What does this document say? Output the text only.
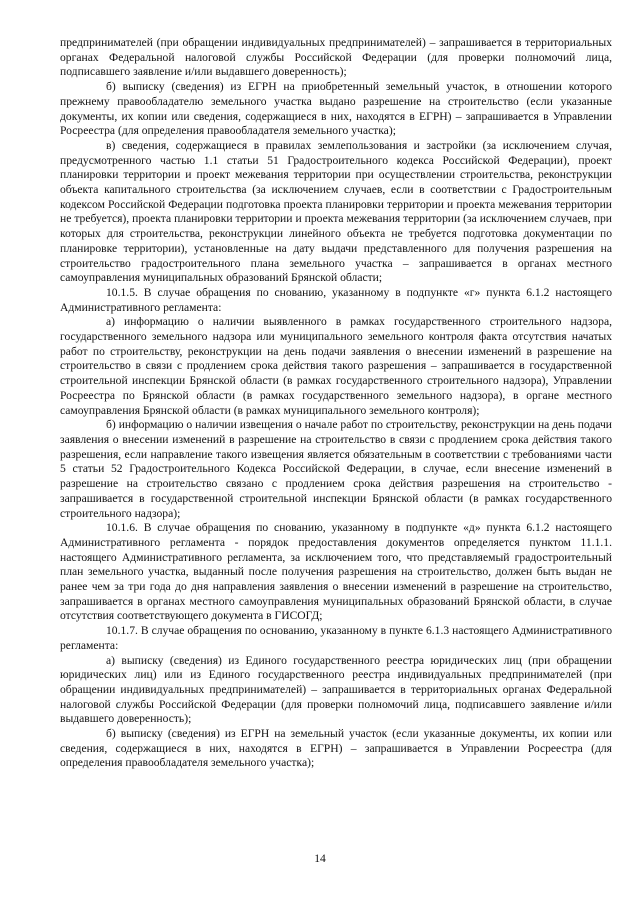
предпринимателей (при обращении индивидуальных предпринимателей) – запрашивается в территориальных органах Федеральной налоговой службы Российской Федерации (для проверки полномочий лица, подписавшего заявление и/или выдавшего доверенность);

б) выписку (сведения) из ЕГРН на приобретенный земельный участок, в отношении которого прежнему правообладателю земельного участка выдано разрешение на строительство (если указанные документы, их копии или сведения, содержащиеся в них, находятся в ЕГРН) – запрашивается в Управлении Росреестра (для определения правообладателя земельного участка);

в) сведения, содержащиеся в правилах землепользования и застройки (за исключением случая, предусмотренного частью 1.1 статьи 51 Градостроительного кодекса Российской Федерации), проект планировки территории и проект межевания территории при осуществлении строительства, реконструкции объекта капитального строительства (за исключением случаев, если в соответствии с Градостроительным кодексом Российской Федерации подготовка проекта планировки территории и проекта межевания территории не требуется), проекта планировки территории и проекта межевания территории (за исключением случаев, при которых для строительства, реконструкции линейного объекта не требуется подготовка документации по планировке территории), установленные на дату выдачи представленного для получения разрешения на строительство градостроительного плана земельного участка – запрашивается в органах местного самоуправления муниципальных образований Брянской области;

10.1.5. В случае обращения по снованию, указанному в подпункте «г» пункта 6.1.2 настоящего Административного регламента:

а) информацию о наличии выявленного в рамках государственного строительного надзора, государственного земельного надзора или муниципального земельного контроля факта отсутствия начатых работ по строительству, реконструкции на день подачи заявления о внесении изменений в разрешение на строительство в связи с продлением срока действия такого разрешения – запрашивается в государственной строительной инспекции Брянской области (в рамках государственного строительного надзора), Управлении Росреестра по Брянской области (в рамках государственного земельного надзора), в органе местного самоуправления Брянской области (в рамках муниципального земельного контроля);

б) информацию о наличии извещения о начале работ по строительству, реконструкции на день подачи заявления о внесении изменений в разрешение на строительство в связи с продлением срока действия такого разрешения, если направление такого извещения является обязательным в соответствии с требованиями части 5 статьи 52 Градостроительного Кодекса Российской Федерации, в случае, если внесение изменений в разрешение на строительство связано с продлением срока действия разрешения на строительство - запрашивается в государственной строительной инспекции Брянской области (в рамках государственного строительного надзора);

10.1.6. В случае обращения по снованию, указанному в подпункте «д» пункта 6.1.2 настоящего Административного регламента - порядок предоставления документов определяется пунктом 11.1.1. настоящего Административного регламента, за исключением того, что представляемый градостроительный план земельного участка, выданный после получения разрешения на строительство, должен быть выдан не ранее чем за три года до дня направления заявления о внесении изменений в разрешение на строительство, запрашивается в органах местного самоуправления муниципальных образований Брянской области, в случае отсутствия соответствующего документа в ГИСОГД;

10.1.7. В случае обращения по основанию, указанному в пункте 6.1.3 настоящего Административного регламента:

а) выписку (сведения) из Единого государственного реестра юридических лиц (при обращении юридических лиц) или из Единого государственного реестра индивидуальных предпринимателей (при обращении индивидуальных предпринимателей) – запрашивается в территориальных органах Федеральной налоговой службы Российской Федерации (для проверки полномочий лица, подписавшего заявление и/или выдавшего доверенность);

б) выписку (сведения) из ЕГРН на земельный участок (если указанные документы, их копии или сведения, содержащиеся в них, находятся в ЕГРН) – запрашивается в Управлении Росреестра (для определения правообладателя земельного участка);

14
